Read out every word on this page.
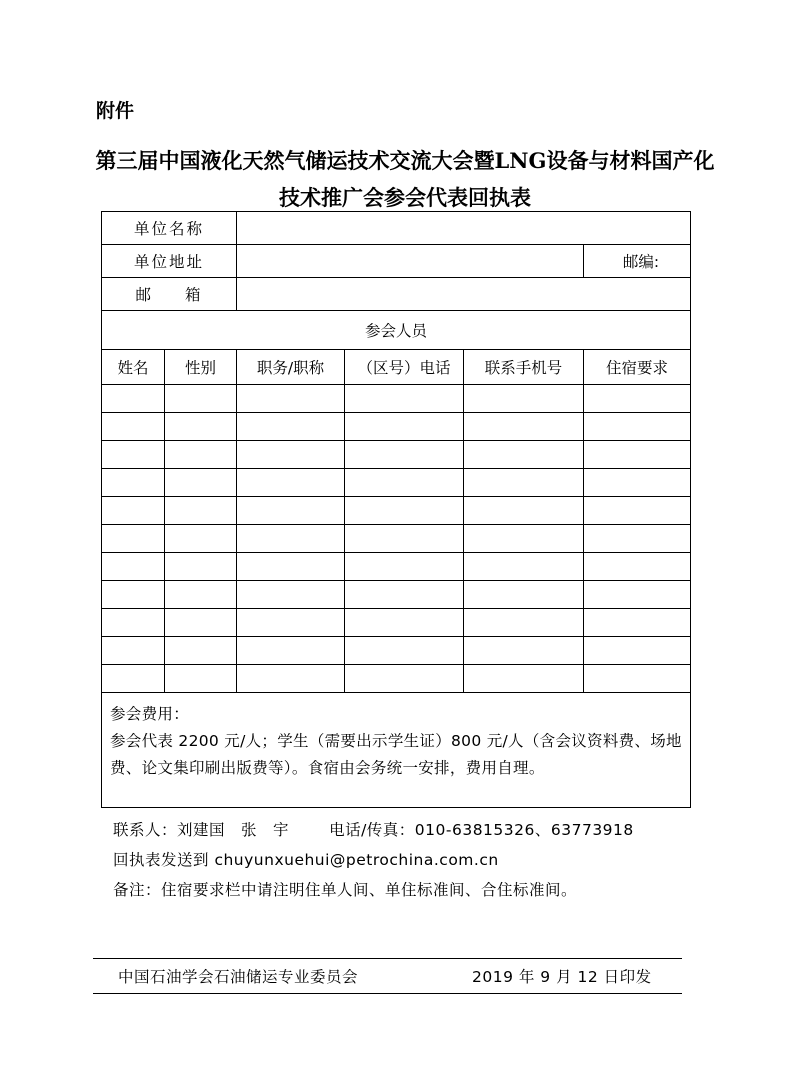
附件
第三届中国液化天然气储运技术交流大会暨LNG设备与材料国产化
技术推广会参会代表回执表
单位名称					
单位地址					邮编:
邮 箱					
参会人员					
姓名	性别	职务/职称	（区号）电话	联系手机号	住宿要求

参会费用：
参会代表 2200 元/人；学生（需要出示学生证）800 元/人（含会议资料费、场地费、论文集印刷出版费等）。食宿由会务统一安排，费用自理。					
联系人：刘建国 张 宇	电话/传真：010-63815326、63773918
回执表发送到 chuyunxuehui@petrochina.com.cn
备注：住宿要求栏中请注明住单人间、单住标准间、合住标准间。
中国石油学会石油储运专业委员会	2019 年 9 月 12 日印发
